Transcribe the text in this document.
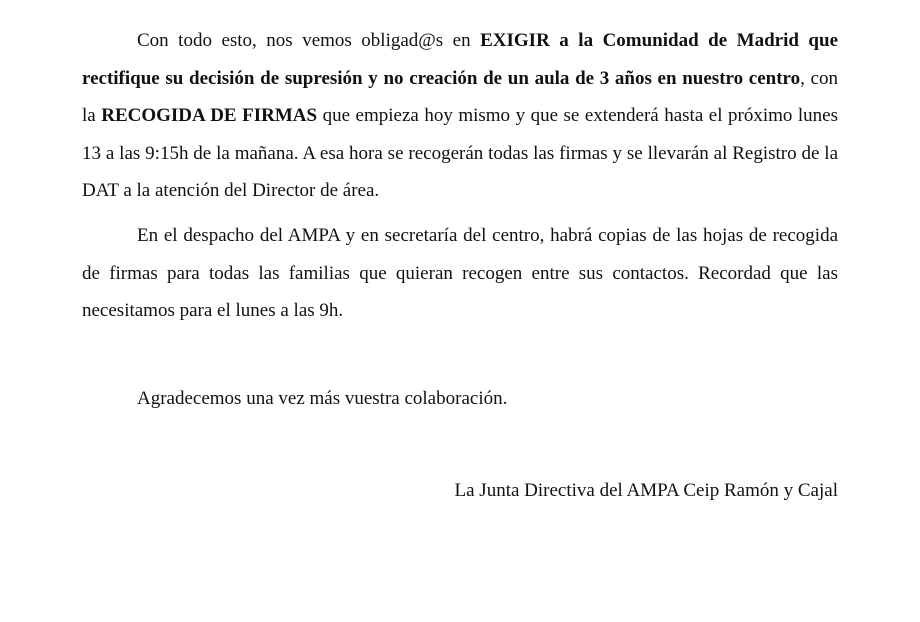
Con todo esto, nos vemos obligad@s en EXIGIR a la Comunidad de Madrid que rectifique su decisión de supresión y no creación de un aula de 3 años en nuestro centro, con la RECOGIDA DE FIRMAS que empieza hoy mismo y que se extenderá hasta el próximo lunes 13 a las 9:15h de la mañana. A esa hora se recogerán todas las firmas y se llevarán al Registro de la DAT a la atención del Director de área.

En el despacho del AMPA y en secretaría del centro, habrá copias de las hojas de recogida de firmas para todas las familias que quieran recogen entre sus contactos. Recordad que las necesitamos para el lunes a las 9h.

Agradecemos una vez más vuestra colaboración.

La Junta Directiva del AMPA Ceip Ramón y Cajal
